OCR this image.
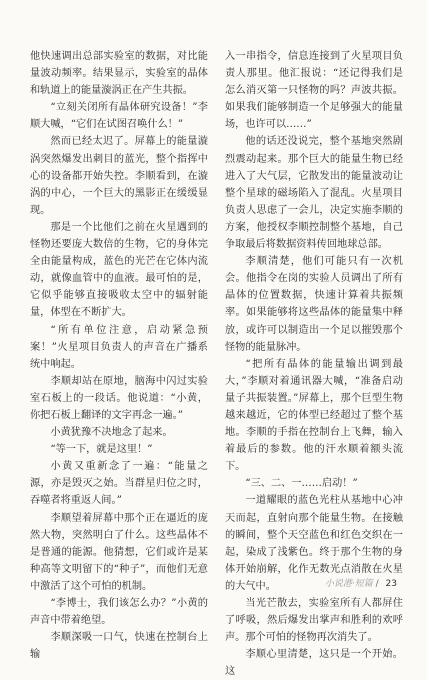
他快速调出总部实验室的数据，对比能量波动频率。结果显示，实验室的晶体和轨道上的能量漩涡正在产生共振。

“立刻关闭所有晶体研究设备！”李顺大喊，“它们在试图召唤什么！”

然而已经太迟了。屏幕上的能量漩涡突然爆发出刺目的蓝光，整个指挥中心的设备都开始失控。李顺看到，在漩涡的中心，一个巨大的黑影正在缓缓显现。

那是一个比他们之前在火星遇到的怪物还要庞大数倍的生物，它的身体完全由能量构成，蓝色的光芒在它体内流动，就像血管中的血液。最可怕的是，它似乎能够直接吸收太空中的辐射能量，体型在不断扩大。

“所有单位注意，启动紧急预案！”火星项目负责人的声音在广播系统中响起。

李顺却站在原地，脑海中闪过实验室石板上的一段话。他说道：“小黄，你把石板上翻译的文字再念一遍。”

小黄犹豫不决地念了起来。

“等一下，就是这里！”

小黄又重新念了一遍：“能量之源，亦是毁灭之始。当群星归位之时，吞噬者将重返人间。”

李顺望着屏幕中那个正在逼近的庞然大物，突然明白了什么。这些晶体不是普通的能源。他猜想，它们或许是某种高等文明留下的“种子”，而他们无意中激活了这个可怕的机制。

“李博士，我们该怎么办？”小黄的声音中带着绝望。

李顺深吸一口气，快速在控制台上输

入一串指令，信息连接到了火星项目负责人那里。他汇报说：“还记得我们是怎么消灭第一只怪物的吗？声波共振。如果我们能够制造一个足够强大的能量场，也许可以……”

他的话还没说完，整个基地突然剧烈震动起来。那个巨大的能量生物已经进入了大气层，它散发出的能量波动让整个星球的磁场陷入了混乱。火星项目负责人思虑了一会儿，决定实施李顺的方案，他授权李顺控制整个基地，自己争取最后将数据资料传回地球总部。

李顺清楚，他们可能只有一次机会。他指令在岗的实验人员调出了所有晶体的位置数据，快速计算着共振频率。如果能够将这些晶体的能量集中释放，或许可以制造出一个足以摧毁那个怪物的能量脉冲。

“把所有晶体的能量输出调到最大，”李顺对着通讯器大喊，“准备启动量子共振装置。”屏幕上，那个巨型生物越来越近，它的体型已经超过了整个基地。李顺的手指在控制台上飞舞，输入着最后的参数。他的汗水顺着额头流下。

“三、二、一……启动！”

一道耀眼的蓝色光柱从基地中心冲天而起，直射向那个能量生物。在接触的瞬间，整个天空蓝色和红色交织在一起，染成了浅紫色。终于那个生物的身体开始崩解，化作无数光点消散在火星的大气中。

当光芒散去，实验室所有人都屏住了呼吸，然后爆发出掌声和胜利的欢呼声。那个可怕的怪物再次消失了。

李顺心里清楚，这只是一个开始。这

小说港·短篇 / 23
